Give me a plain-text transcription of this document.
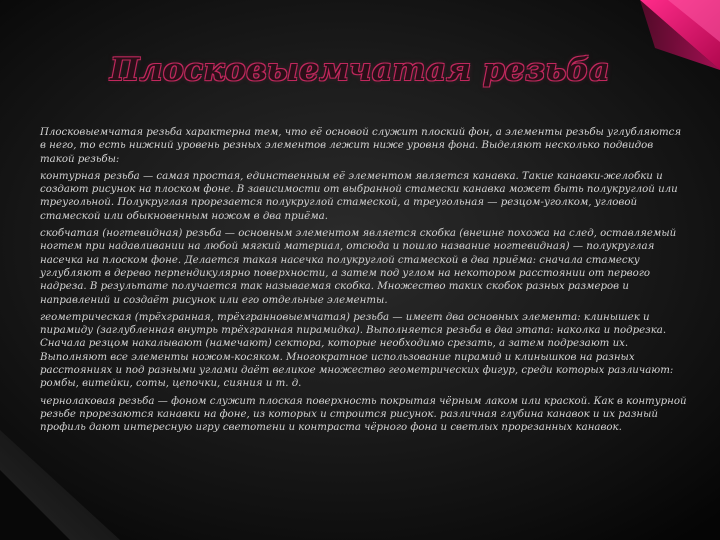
Плосковыемчатая резьба

Плосковыемчатая резьба характерна тем, что её основой служит плоский фон, а элементы резьбы углубляются в него, то есть нижний уровень резных элементов лежит ниже уровня фона. Выделяют несколько подвидов такой резьбы:

контурная резьба — самая простая, единственным её элементом является канавка. Такие канавки-желобки и создают рисунок на плоском фоне. В зависимости от выбранной стамески канавка может быть полукруглой или треугольной. Полукруглая прорезается полукруглой стамеской, а треугольная — резцом-уголком, угловой стамеской или обыкновенным ножом в два приёма.

скобчатая (ногтевидная) резьба — основным элементом является скобка (внешне похожа на след, оставляемый ногтем при надавливании на любой мягкий материал, отсюда и пошло название ногтевидная) — полукруглая насечка на плоском фоне. Делается такая насечка полукруглой стамеской в два приёма: сначала стамеску углубляют в дерево перпендикулярно поверхности, а затем под углом на некотором расстоянии от первого надреза. В результате получается так называемая скобка. Множество таких скобок разных размеров и направлений и создаёт рисунок или его отдельные элементы.

геометрическая (трёхгранная, трёхгранновыемчатая) резьба — имеет два основных элемента: клинышек и пирамиду (заглубленная внутрь трёхгранная пирамидка). Выполняется резьба в два этапа: наколка и подрезка. Сначала резцом накалывают (намечают) сектора, которые необходимо срезать, а затем подрезают их. Выполняют все элементы ножом-косяком. Многократное использование пирамид и клинышков на разных расстояниях и под разными углами даёт великое множество геометрических фигур, среди которых различают: ромбы, витейки, соты, цепочки, сияния и т. д.

чернолаковая резьба — фоном служит плоская поверхность покрытая чёрным лаком или краской. Как в контурной резьбе прорезаются канавки на фоне, из которых и строится рисунок. различная глубина канавок и их разный профиль дают интересную игру светотени и контраста чёрного фона и светлых прорезанных канавок.
